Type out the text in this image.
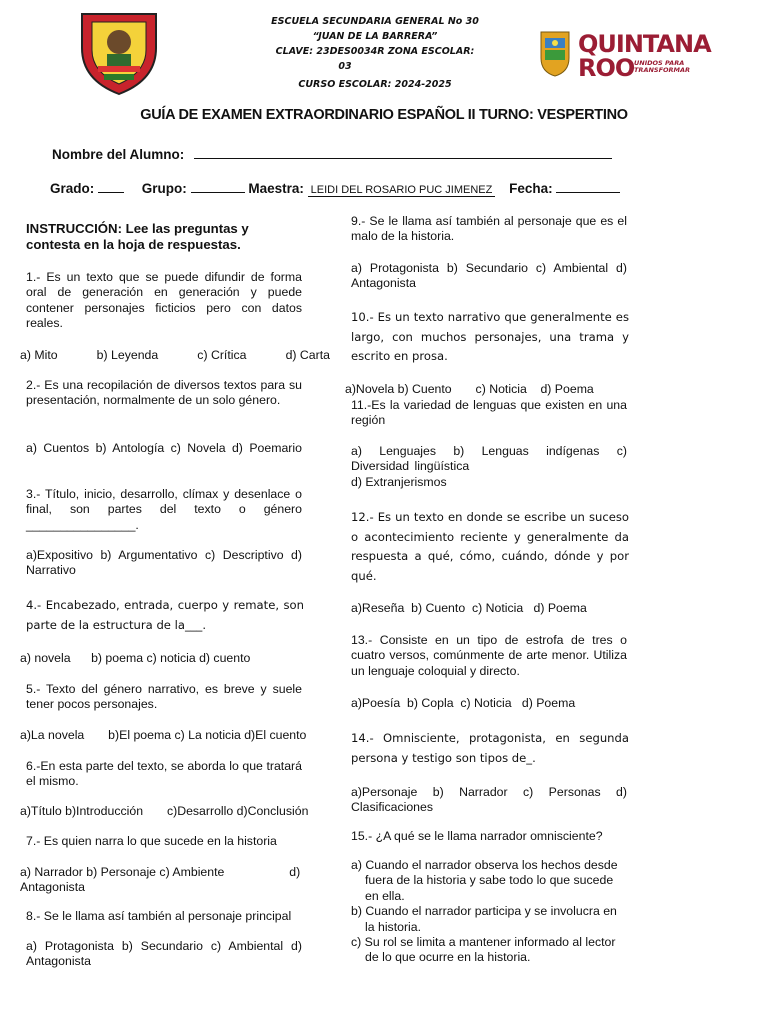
ESCUELA SECUNDARIA GENERAL No 30
“JUAN DE LA BARRERA”
CLAVE: 23DES0034R ZONA ESCOLAR:
03
CURSO ESCOLAR: 2024-2025
QUINTANA ROO UNIDOS PARA
TRANSFORMAR
GUÍA DE EXAMEN EXTRAORDINARIO ESPAÑOL II TURNO: VESPERTINO
Nombre del Alumno:
Grado:	Grupo:	Maestra: LEIDI DEL ROSARIO PUC JIMENEZ Fecha:
INSTRUCCIÓN: Lee las preguntas y contesta en la hoja de respuestas.
1.- Es un texto que se puede difundir de forma oral de generación en generación y puede contener personajes ficticios pero con datos reales.
a) Mito	b) Leyenda	c) Crítica	d) Carta
2.- Es una recopilación de diversos textos para su presentación, normalmente de un solo género.
a) Cuentos b) Antología c) Novela d) Poemario
3.- Título, inicio, desarrollo, clímax y desenlace o final, son partes del texto o género ________________.
a)Expositivo b) Argumentativo c) Descriptivo d) Narrativo
4.- Encabezado, entrada, cuerpo y remate, son parte de la estructura de la___.
a) novela      b) poema c) noticia d) cuento
5.- Texto del género narrativo, es breve y suele tener pocos personajes.
a)La novela       b)El poema c) La noticia d)El cuento
6.-En esta parte del texto, se aborda lo que tratará el mismo.
a)Título b)Introducción       c)Desarrollo d)Conclusión
7.- Es quien narra lo que sucede en la historia
a) Narrador b) Personaje c) Ambiente                   d) Antagonista
8.- Se le llama así también al personaje principal
a) Protagonista b) Secundario c) Ambiental d) Antagonista
9.- Se le llama así también al personaje que es el malo de la historia.
a) Protagonista b) Secundario c) Ambiental d) Antagonista
10.- Es un texto narrativo que generalmente es largo, con muchos personajes, una trama y escrito en prosa.
a)Novela b) Cuento       c) Noticia    d) Poema
11.-Es la variedad de lenguas que existen en una región
a) Lenguajes b) Lenguas indígenas c) Diversidad lingüística
d) Extranjerismos
12.- Es un texto en donde se escribe un suceso o acontecimiento reciente y generalmente da respuesta a qué, cómo, cuándo, dónde y por qué.
a)Reseña  b) Cuento  c) Noticia   d) Poema
13.- Consiste en un tipo de estrofa de tres o cuatro versos, comúnmente de arte menor. Utiliza un lenguaje coloquial y directo.
a)Poesía  b) Copla  c) Noticia   d) Poema
14.- Omnisciente, protagonista, en segunda persona y testigo son tipos de_.
a)Personaje b) Narrador c) Personas d) Clasificaciones
15.- ¿A qué se le llama narrador omnisciente?
a) Cuando el narrador observa los hechos desde fuera de la historia y sabe todo lo que sucede en ella.
b) Cuando el narrador participa y se involucra en la historia.
c) Su rol se limita a mantener informado al lector de lo que ocurre en la historia.
